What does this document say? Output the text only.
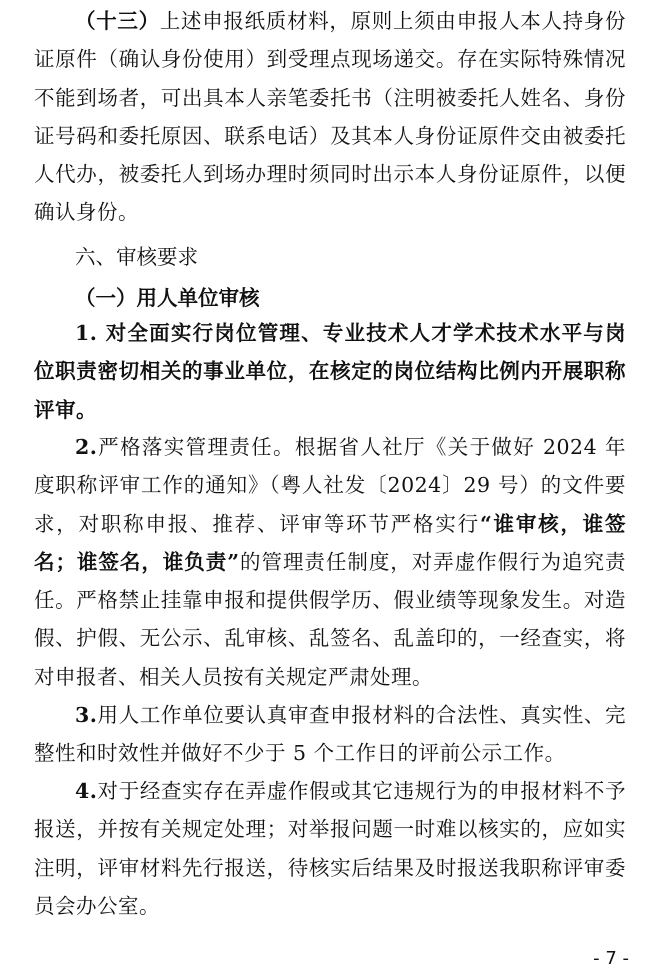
（十三）上述申报纸质材料，原则上须由申报人本人持身份证原件（确认身份使用）到受理点现场递交。存在实际特殊情况不能到场者，可出具本人亲笔委托书（注明被委托人姓名、身份证号码和委托原因、联系电话）及其本人身份证原件交由被委托人代办，被委托人到场办理时须同时出示本人身份证原件，以便确认身份。

六、审核要求

（一）用人单位审核

1. 对全面实行岗位管理、专业技术人才学术技术水平与岗位职责密切相关的事业单位，在核定的岗位结构比例内开展职称评审。

2.严格落实管理责任。根据省人社厅《关于做好 2024 年度职称评审工作的通知》（粤人社发〔2024〕29 号）的文件要求，对职称申报、推荐、评审等环节严格实行“谁审核，谁签名；谁签名，谁负责”的管理责任制度，对弄虚作假行为追究责任。严格禁止挂靠申报和提供假学历、假业绩等现象发生。对造假、护假、无公示、乱审核、乱签名、乱盖印的，一经查实，将对申报者、相关人员按有关规定严肃处理。

3.用人工作单位要认真审查申报材料的合法性、真实性、完整性和时效性并做好不少于 5 个工作日的评前公示工作。

4.对于经查实存在弄虚作假或其它违规行为的申报材料不予报送，并按有关规定处理；对举报问题一时难以核实的，应如实注明，评审材料先行报送，待核实后结果及时报送我职称评审委员会办公室。

- 7 -
